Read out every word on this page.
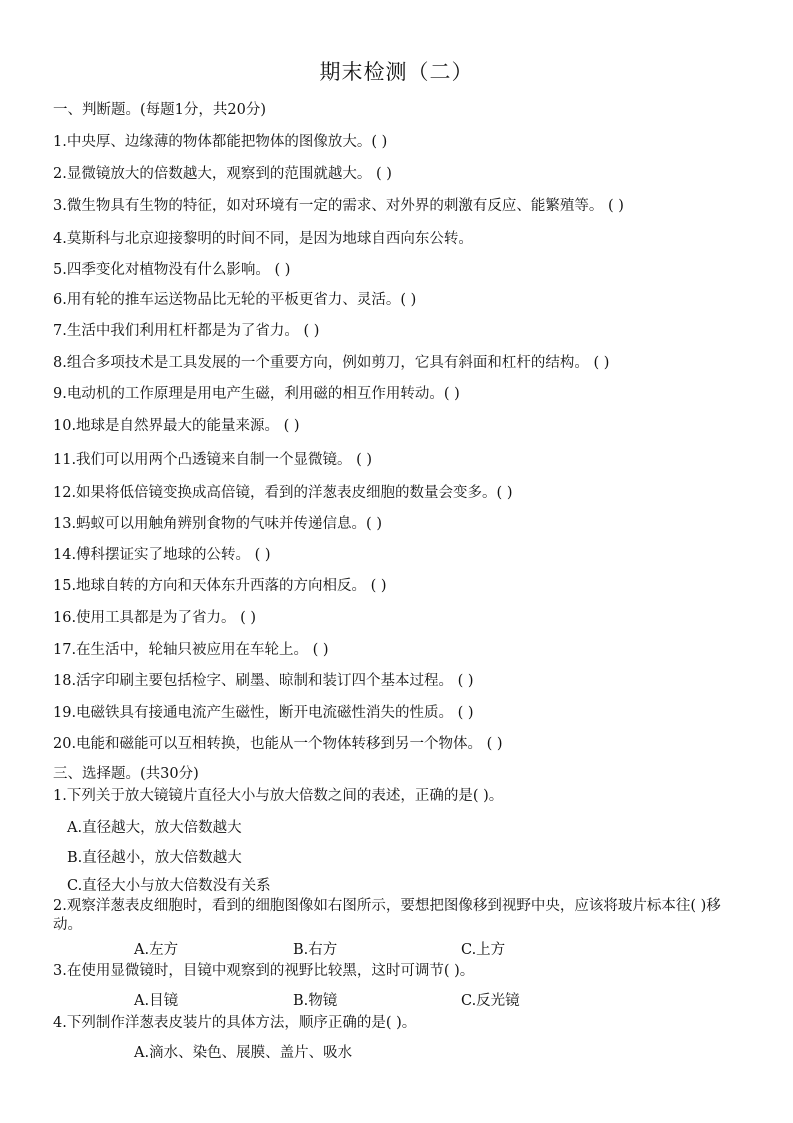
期末检测（二）
一、判断题。(每题1分，共20分)
1.中央厚、边缘薄的物体都能把物体的图像放大。( )
2.显微镜放大的倍数越大，观察到的范围就越大。 ( )
3.微生物具有生物的特征，如对环境有一定的需求、对外界的刺激有反应、能繁殖等。 ( )
4.莫斯科与北京迎接黎明的时间不同，是因为地球自西向东公转。
5.四季变化对植物没有什么影响。 ( )
6.用有轮的推车运送物品比无轮的平板更省力、灵活。( )
7.生活中我们利用杠杆都是为了省力。 ( )
8.组合多项技术是工具发展的一个重要方向，例如剪刀，它具有斜面和杠杆的结构。 ( )
9.电动机的工作原理是用电产生磁，利用磁的相互作用转动。( )
10.地球是自然界最大的能量来源。 ( )
11.我们可以用两个凸透镜来自制一个显微镜。 ( )
12.如果将低倍镜变换成高倍镜，看到的洋葱表皮细胞的数量会变多。( )
13.蚂蚁可以用触角辨别食物的气味并传递信息。( )
14.傅科摆证实了地球的公转。 ( )
15.地球自转的方向和天体东升西落的方向相反。 ( )
16.使用工具都是为了省力。 ( )
17.在生活中，轮轴只被应用在车轮上。 ( )
18.活字印刷主要包括检字、刷墨、晾制和装订四个基本过程。 ( )
19.电磁铁具有接通电流产生磁性，断开电流磁性消失的性质。 ( )
20.电能和磁能可以互相转换，也能从一个物体转移到另一个物体。 ( )
三、选择题。(共30分)
1.下列关于放大镜镜片直径大小与放大倍数之间的表述，正确的是( )。
A.直径越大，放大倍数越大
B.直径越小，放大倍数越大
C.直径大小与放大倍数没有关系
2.观察洋葱表皮细胞时，看到的细胞图像如右图所示，要想把图像移到视野中央，应该将玻片标本往( )移动。
A.左方	B.右方	C.上方
3.在使用显微镜时，目镜中观察到的视野比较黑，这时可调节( )。
A.目镜	B.物镜	C.反光镜
4.下列制作洋葱表皮装片的具体方法，顺序正确的是( )。
A.滴水、染色、展膜、盖片、吸水
